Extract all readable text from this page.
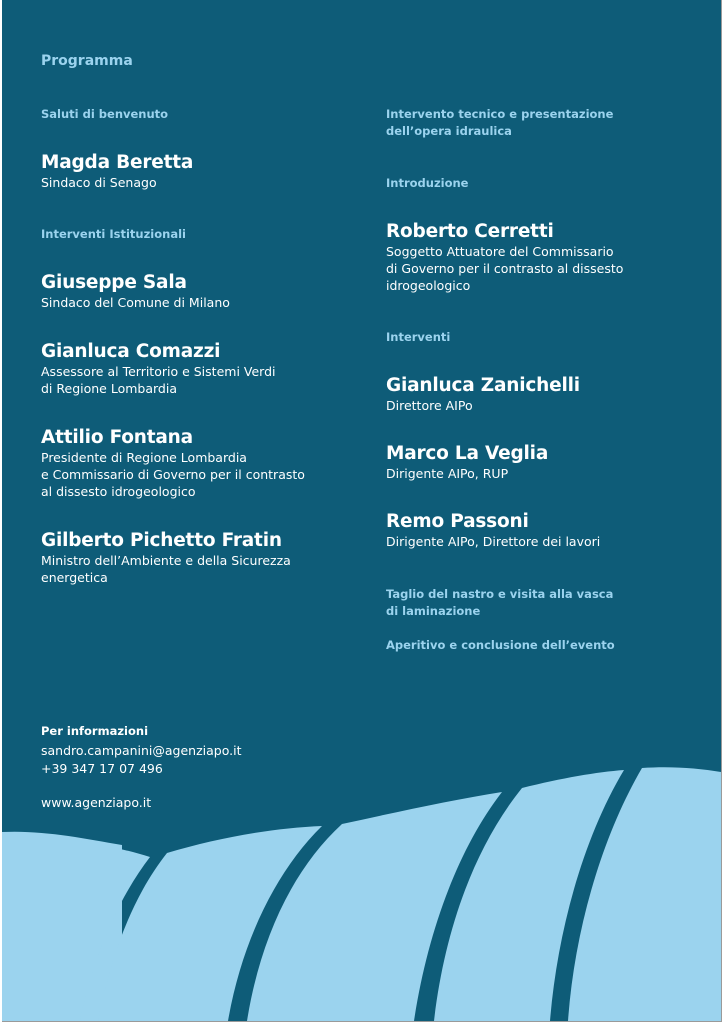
Programma

Saluti di benvenuto

Magda Beretta

Sindaco di Senago

Interventi Istituzionali

Giuseppe Sala

Sindaco del Comune di Milano

Gianluca Comazzi

Assessore al Territorio e Sistemi Verdi
di Regione Lombardia

Attilio Fontana

Presidente di Regione Lombardia
e Commissario di Governo per il contrasto
al dissesto idrogeologico

Gilberto Pichetto Fratin

Ministro dell’Ambiente e della Sicurezza
energetica

Intervento tecnico e presentazione
dell’opera idraulica

Introduzione

Roberto Cerretti

Soggetto Attuatore del Commissario
di Governo per il contrasto al dissesto
idrogeologico

Interventi

Gianluca Zanichelli

Direttore AIPo

Marco La Veglia

Dirigente AIPo, RUP

Remo Passoni

Dirigente AIPo, Direttore dei lavori

Taglio del nastro e visita alla vasca
di laminazione

Aperitivo e conclusione dell’evento

Per informazioni

sandro.campanini@agenziapo.it

+39 347 17 07 496

www.agenziapo.it
